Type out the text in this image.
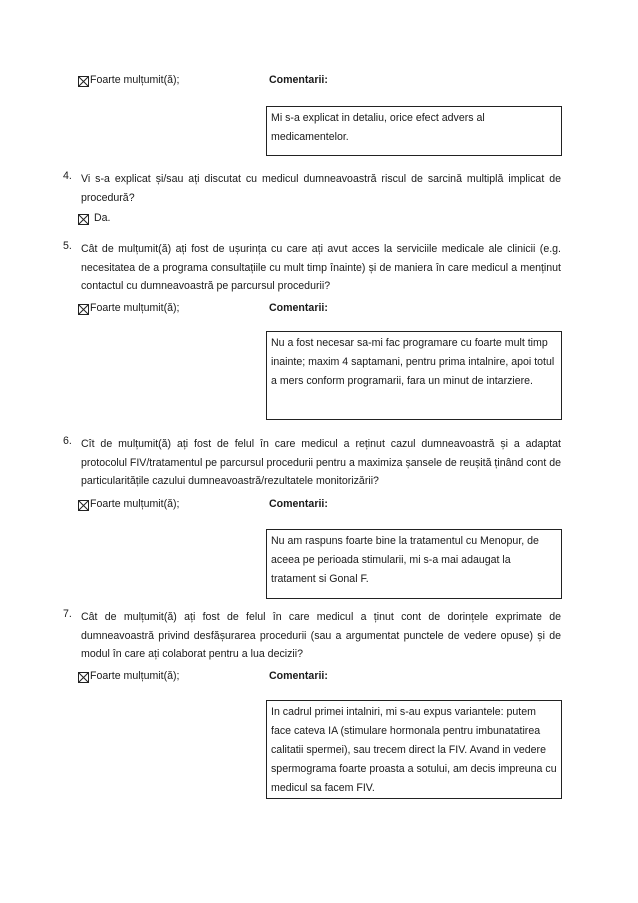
Foarte mulțumit(ă);	Comentarii:
Mi s-a explicat in detaliu, orice efect advers al medicamentelor.
4. Vi s-a explicat și/sau ați discutat cu medicul dumneavoastră riscul de sarcină multiplă implicat de procedură?
Da.
5. Cât de mulțumit(ă) ați fost de ușurința cu care ați avut acces la serviciile medicale ale clinicii (e.g. necesitatea de a programa consultațiile cu mult timp înainte) și de maniera în care medicul a menținut contactul cu dumneavoastră pe parcursul procedurii?
Foarte mulțumit(ă);	Comentarii:
Nu a fost necesar sa-mi fac programare cu foarte mult timp inainte; maxim 4 saptamani, pentru prima intalnire, apoi totul a mers conform programarii, fara un minut de intarziere.
6. Cît de mulțumit(ă) ați fost de felul în care medicul a reținut cazul dumneavoastră și a adaptat protocolul FIV/tratamentul pe parcursul procedurii pentru a maximiza șansele de reușită ținând cont de particularitățile cazului dumneavoastră/rezultatele monitorizării?
Foarte mulțumit(ă);	Comentarii:
Nu am raspuns foarte bine la tratamentul cu Menopur, de aceea pe perioada stimularii, mi s-a mai adaugat la tratament si Gonal F.
7. Cât de mulțumit(ă) ați fost de felul în care medicul a ținut cont de dorințele exprimate de dumneavoastră privind desfășurarea procedurii (sau a argumentat punctele de vedere opuse) și de modul în care ați colaborat pentru a lua decizii?
Foarte mulțumit(ă);	Comentarii:
In cadrul primei intalniri, mi s-au expus variantele: putem face cateva IA (stimulare hormonala pentru imbunatatirea calitatii spermei), sau trecem direct la FIV. Avand in vedere spermograma foarte proasta a sotului, am decis impreuna cu medicul sa facem FIV.
